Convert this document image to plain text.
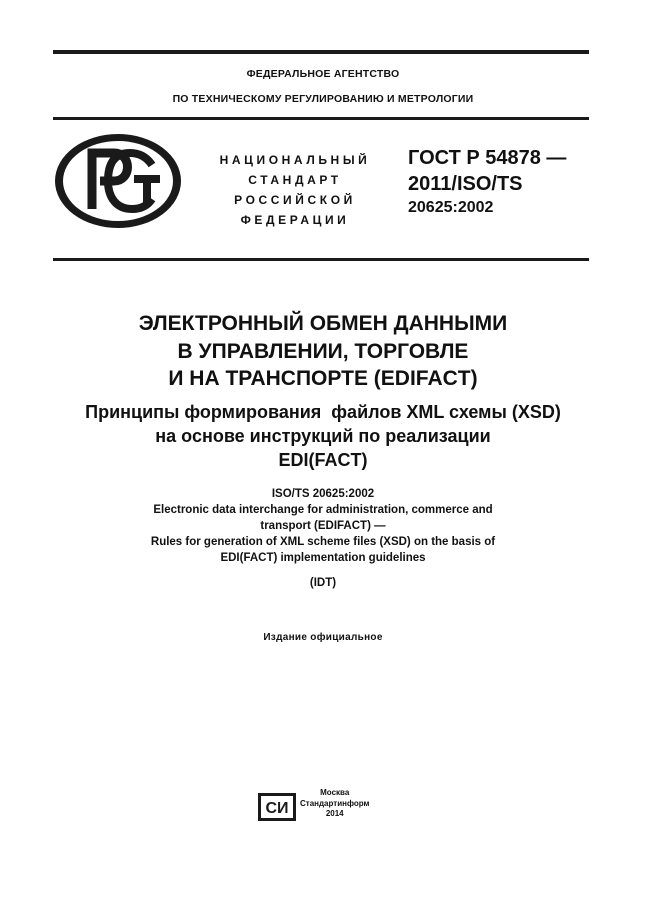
ФЕДЕРАЛЬНОЕ АГЕНТСТВО
ПО ТЕХНИЧЕСКОМУ РЕГУЛИРОВАНИЮ И МЕТРОЛОГИИ
НАЦИОНАЛЬНЫЙ
СТАНДАРТ
РОССИЙСКОЙ
ФЕДЕРАЦИИ
ГОСТ Р 54878 —
2011/ISO/TS
20625:2002
ЭЛЕКТРОННЫЙ ОБМЕН ДАННЫМИ
В УПРАВЛЕНИИ, ТОРГОВЛЕ
И НА ТРАНСПОРТЕ (EDIFACT)
Принципы формирования  файлов XML схемы (XSD)
на основе инструкций по реализации
EDI(FACT)
ISO/TS 20625:2002
Electronic data interchange for administration, commerce and
transport (EDIFACT) —
Rules for generation of XML scheme files (XSD) on the basis of
EDI(FACT) implementation guidelines
(IDT)
Издание официальное
СИ
Москва
Стандартинформ
2014
